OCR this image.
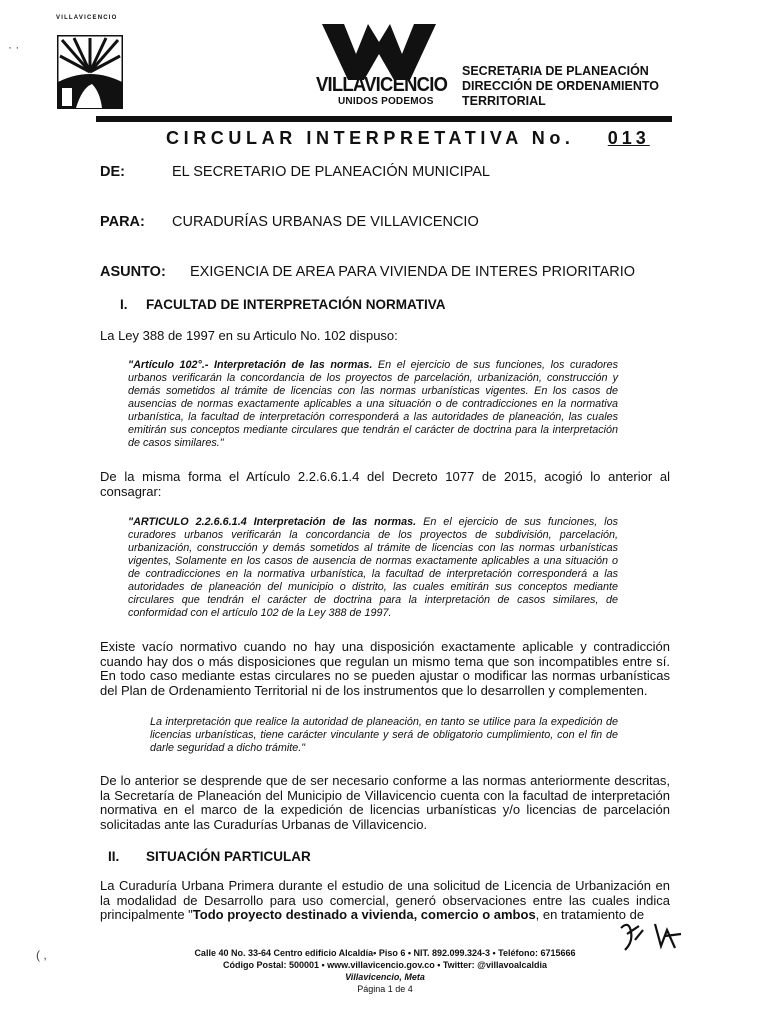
VILLAVICENCIO
· ·
VILLAVICENCIO
UNIDOS PODEMOS
SECRETARIA DE PLANEACIÓN
DIRECCIÓN DE ORDENAMIENTO
TERRITORIAL
CIRCULAR INTERPRETATIVA No. 013
DE:	EL SECRETARIO DE PLANEACIÓN MUNICIPAL
PARA: CURADURÍAS URBANAS DE VILLAVICENCIO
ASUNTO: EXIGENCIA DE AREA PARA VIVIENDA DE INTERES PRIORITARIO
I. FACULTAD DE INTERPRETACIÓN NORMATIVA
La Ley 388 de 1997 en su Articulo No. 102 dispuso:
"Artículo 102°.- Interpretación de las normas. En el ejercicio de sus funciones, los curadores urbanos verificarán la concordancia de los proyectos de parcelación, urbanización, construcción y demás sometidos al trámite de licencias con las normas urbanísticas vigentes. En los casos de ausencias de normas exactamente aplicables a una situación o de contradicciones en la normativa urbanística, la facultad de interpretación corresponderá a las autoridades de planeación, las cuales emitirán sus conceptos mediante circulares que tendrán el carácter de doctrina para la interpretación de casos similares."
De la misma forma el Artículo 2.2.6.6.1.4 del Decreto 1077 de 2015, acogió lo anterior al consagrar:
"ARTICULO 2.2.6.6.1.4 Interpretación de las normas. En el ejercicio de sus funciones, los curadores urbanos verificarán la concordancia de los proyectos de subdivisión, parcelación, urbanización, construcción y demás sometidos al trámite de licencias con las normas urbanísticas vigentes, Solamente en los casos de ausencia de normas exactamente aplicables a una situación o de contradicciones en la normativa urbanística, la facultad de interpretación corresponderá a las autoridades de planeación del municipio o distrito, las cuales emitirán sus conceptos mediante circulares que tendrán el carácter de doctrina para la interpretación de casos similares, de conformidad con el artículo 102 de la Ley 388 de 1997.
Existe vacío normativo cuando no hay una disposición exactamente aplicable y contradicción cuando hay dos o más disposiciones que regulan un mismo tema que son incompatibles entre sí. En todo caso mediante estas circulares no se pueden ajustar o modificar las normas urbanísticas del Plan de Ordenamiento Territorial ni de los instrumentos que lo desarrollen y complementen.
La interpretación que realice la autoridad de planeación, en tanto se utilice para la expedición de licencias urbanísticas, tiene carácter vinculante y será de obligatorio cumplimiento, con el fin de darle seguridad a dicho trámite."
De lo anterior se desprende que de ser necesario conforme a las normas anteriormente descritas, la Secretaría de Planeación del Municipio de Villavicencio cuenta con la facultad de interpretación normativa en el marco de la expedición de licencias urbanísticas y/o licencias de parcelación solicitadas ante las Curadurías Urbanas de Villavicencio.
II. SITUACIÓN PARTICULAR
La Curaduría Urbana Primera durante el estudio de una solicitud de Licencia de Urbanización en la modalidad de Desarrollo para uso comercial, generó observaciones entre las cuales indica principalmente "Todo proyecto destinado a vivienda, comercio o ambos, en tratamiento de
( ,	Calle 40 No. 33-64 Centro edificio Alcaldía• Piso 6 • NIT. 892.099.324-3 • Teléfono: 6715666
Código Postal: 500001 • www.villavicencio.gov.co • Twitter: @villavoalcaldia
Villavicencio, Meta
Página 1 de 4
